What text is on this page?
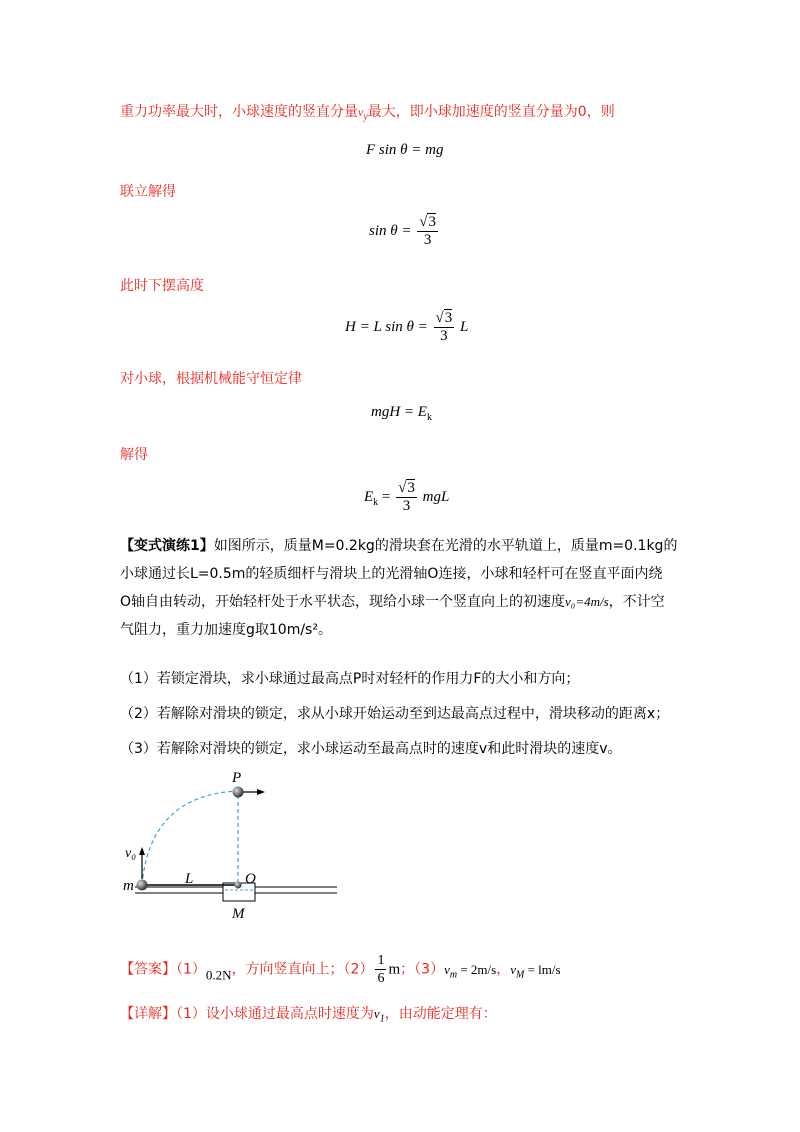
重力功率最大时，小球速度的竖直分量$v_y$最大，即小球加速度的竖直分量为0，则
F sin θ = mg
联立解得
$\sin \theta = \frac{√3}{3}$
此时下摆高度
H = L $\sin \theta = \frac{√3}{3}$ L
对小球，根据机械能守恒定律
mgH = $E_k$
解得
$E_k = \frac{√3}{3}$ mgL
【变式演练1】如图所示，质量M=0.2kg的滑块套在光滑的水平轨道上，质量m=0.1kg的
小球通过长L=0.5m的轻质细杆与滑块上的光滑轴O连接，小球和轻杆可在竖直平面内绕
O轴自由转动，开始轻杆处于水平状态，现给小球一个竖直向上的初速度v₀=4m/s，不计空
气阻力，重力加速度g取10m/s²。
（1）若锁定滑块，求小球通过最高点P时对轻杆的作用力F的大小和方向；
（2）若解除对滑块的锁定，求从小球开始运动至到达最高点过程中，滑块移动的距离x；
（3）若解除对滑块的锁定，求小球运动至最高点时的速度v和此时滑块的速度v。
P
v₀
m	L	O
M
【答案】（1）0.2N，方向竖直向上；$(2) \frac{1}{6}$ m；$(3)v_m = 2m/s$，$v_M = lm/s$
【详解】（1）设小球通过最高点时速度为$v_1$，由动能定理有：
